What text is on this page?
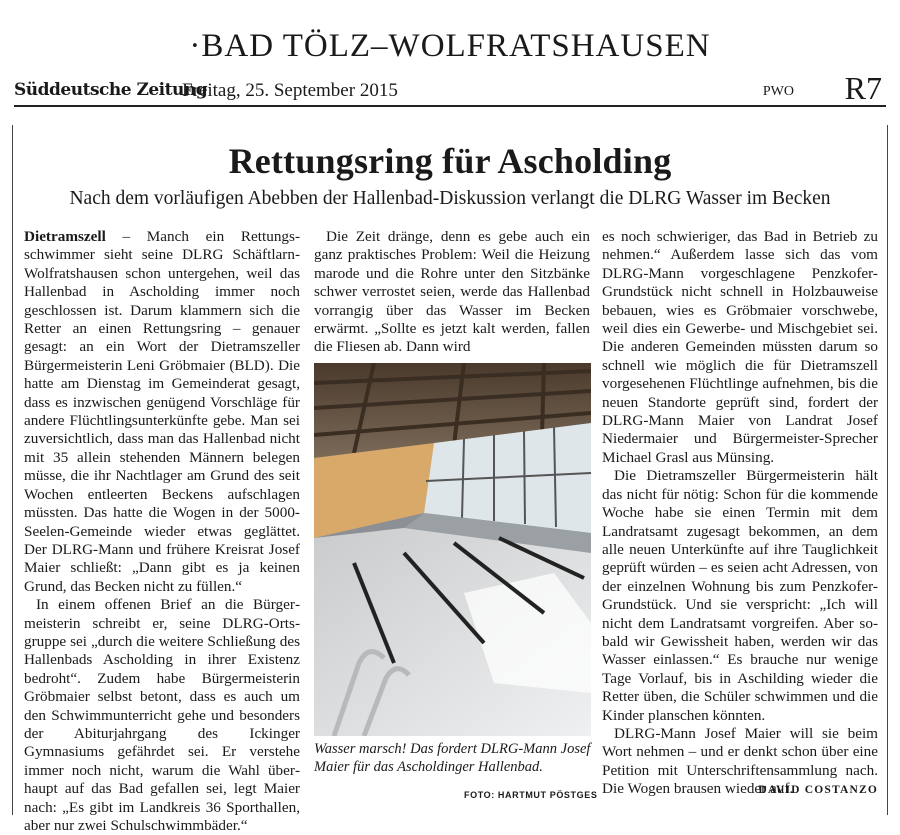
·BAD TÖLZ–WOLFRATSHAUSEN
Süddeutsche Zeitung
Freitag, 25. September 2015	PWO R7
Rettungsring für Ascholding
Nach dem vorläufigen Abebben der Hallenbad-Diskussion verlangt die DLRG Wasser im Becken

Dietramszell – Manch ein Rettungsschwimmer sieht seine DLRG Schäftlarn-Wolfratshausen schon untergehen, weil das Hallenbad in Ascholding immer noch geschlossen ist. Darum klammern sich die Retter an einen Rettungsring – genauer gesagt: an ein Wort der Dietramszeller Bürgermeisterin Leni Gröbmaier (BLD). Die hatte am Dienstag im Gemeinderat gesagt, dass es inzwischen genügend Vorschläge für andere Flüchtlingsunterkünfte gebe. Man sei zuversichtlich, dass man das Hallenbad nicht mit 35 allein stehenden Männern belegen müsse, die ihr Nachtlager am Grund des seit Wochen entleerten Beckens aufschlagen müssten. Das hatte die Wogen in der 5000-Seelen-Gemeinde wieder etwas geglättet. Der DLRG-Mann und frühere Kreisrat Josef Maier schließt: „Dann gibt es ja keinen Grund, das Becken nicht zu füllen.“

In einem offenen Brief an die Bürgermeisterin schreibt er, seine DLRG-Ortsgruppe sei „durch die weitere Schließung des Hallenbads Ascholding in ihrer Existenz bedroht“. Zudem habe Bürgermeisterin Gröbmaier selbst betont, dass es auch um den Schwimmunterricht gehe und besonders der Abiturjahrgang des Ickinger Gymnasiums gefährdet sei. Er verstehe immer noch nicht, warum die Wahl überhaupt auf das Bad gefallen sei, legt Maier nach: „Es gibt im Landkreis 36 Sporthallen, aber nur zwei Schulschwimmbäder.“

Die Zeit dränge, denn es gebe auch ein ganz praktisches Problem: Weil die Heizung marode und die Rohre unter den Sitzbänke schwer verrostet seien, werde das Hallenbad vorrangig über das Wasser im Becken erwärmt. „Sollte es jetzt kalt werden, fallen die Fliesen ab. Dann wird

Wasser marsch! Das fordert DLRG-Mann Josef Maier für das Ascholdinger Hallenbad.
FOTO: HARTMUT PÖSTGES

es noch schwieriger, das Bad in Betrieb zu nehmen.“ Außerdem lasse sich das vom DLRG-Mann vorgeschlagene Penzkofer-Grundstück nicht schnell in Holzbauweise bebauen, wies es Gröbmaier vorschwebe, weil dies ein Gewerbe- und Mischgebiet sei. Die anderen Gemeinden müssten darum so schnell wie möglich die für Dietramszell vorgesehenen Flüchtlinge aufnehmen, bis die neuen Standorte geprüft sind, fordert der DLRG-Mann Maier von Landrat Josef Niedermaier und Bürgermeister-Sprecher Michael Grasl aus Münsing.

Die Dietramszeller Bürgermeisterin hält das nicht für nötig: Schon für die kommende Woche habe sie einen Termin mit dem Landratsamt zugesagt bekommen, an dem alle neuen Unterkünfte auf ihre Tauglichkeit geprüft würden – es seien acht Adressen, von der einzelnen Wohnung bis zum Penzkofer-Grundstück. Und sie verspricht: „Ich will nicht dem Landratsamt vorgreifen. Aber sobald wir Gewissheit haben, werden wir das Wasser einlassen.“ Es brauche nur wenige Tage Vorlauf, bis in Aschilding wieder die Retter üben, die Schüler schwimmen und die Kinder planschen könnten.

DLRG-Mann Josef Maier will sie beim Wort nehmen – und er denkt schon über eine Petition mit Unterschriftensammlung nach. Die Wogen brausen wieder auf.

DAVID COSTANZO
